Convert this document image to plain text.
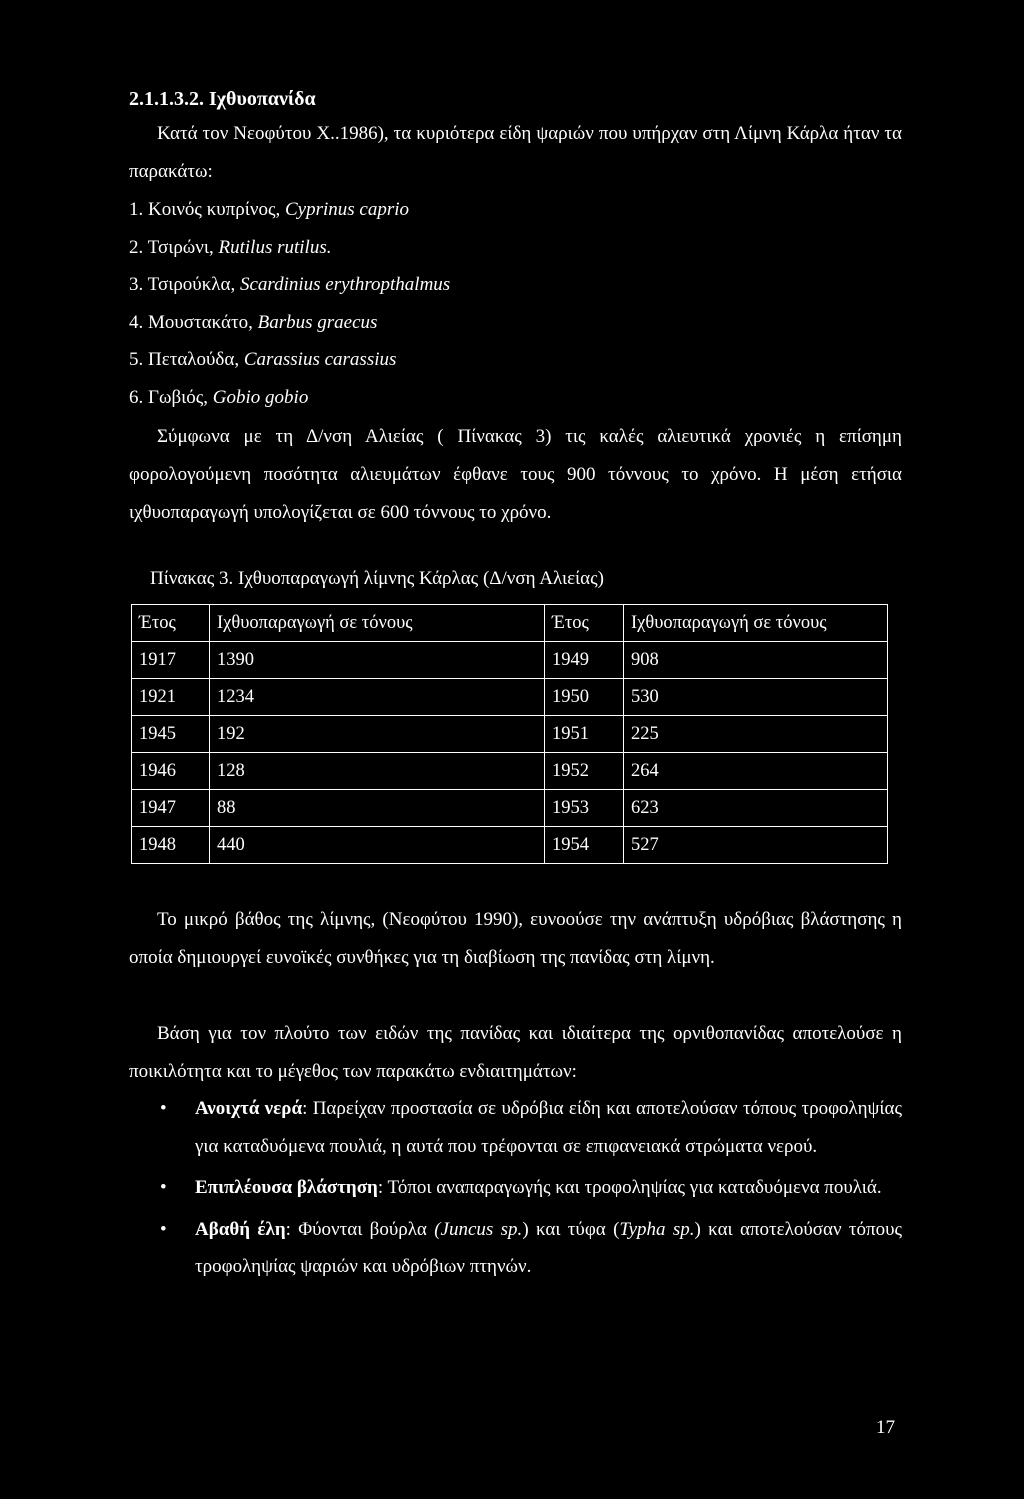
2.1.1.3.2. Ιχθυοπανίδα
Κατά τον Νεοφύτου Χ..1986), τα κυριότερα είδη ψαριών που υπήρχαν στη Λίμνη Κάρλα ήταν τα παρακάτω:
1. Κοινός κυπρίνος, Cyprinus caprio
2. Τσιρώνι, Rutilus rutilus.
3. Τσιρούκλα, Scardinius erythropthalmus
4. Μουστακάτο, Barbus graecus
5. Πεταλούδα, Carassius carassius
6. Γωβιός, Gobio gobio
Σύμφωνα με τη Δ/νση Αλιείας ( Πίνακας 3) τις καλές αλιευτικά χρονιές η επίσημη φορολογούμενη ποσότητα αλιευμάτων έφθανε τους 900 τόννους το χρόνο. Η μέση ετήσια ιχθυοπαραγωγή υπολογίζεται σε 600 τόννους το χρόνο.
Πίνακας 3. Ιχθυοπαραγωγή λίμνης Κάρλας (Δ/νση Αλιείας)
Έτος	Ιχθυοπαραγωγή σε τόνους	Έτος	Ιχθυοπαραγωγή σε τόνους
1917	1390	1949	908
1921	1234	1950	530
1945	192	1951	225
1946	128	1952	264
1947	88	1953	623
1948	440	1954	527
Το μικρό βάθος της λίμνης, (Νεοφύτου 1990), ευνοούσε την ανάπτυξη υδρόβιας βλάστησης η οποία δημιουργεί ευνοϊκές συνθήκες για τη διαβίωση της πανίδας στη λίμνη.
Βάση για τον πλούτο των ειδών της πανίδας και ιδιαίτερα της ορνιθοπανίδας αποτελούσε η ποικιλότητα και το μέγεθος των παρακάτω ενδιαιτημάτων:
• Ανοιχτά νερά: Παρείχαν προστασία σε υδρόβια είδη και αποτελούσαν τόπους τροφοληψίας για καταδυόμενα πουλιά, η αυτά που τρέφονται σε επιφανειακά στρώματα νερού.
• Επιπλέουσα βλάστηση: Τόποι αναπαραγωγής και τροφοληψίας για καταδυόμενα πουλιά.
• Αβαθή έλη: Φύονται βούρλα (Juncus sp.) και τύφα (Typha sp.) και αποτελούσαν τόπους τροφοληψίας ψαριών και υδρόβιων πτηνών.
17
